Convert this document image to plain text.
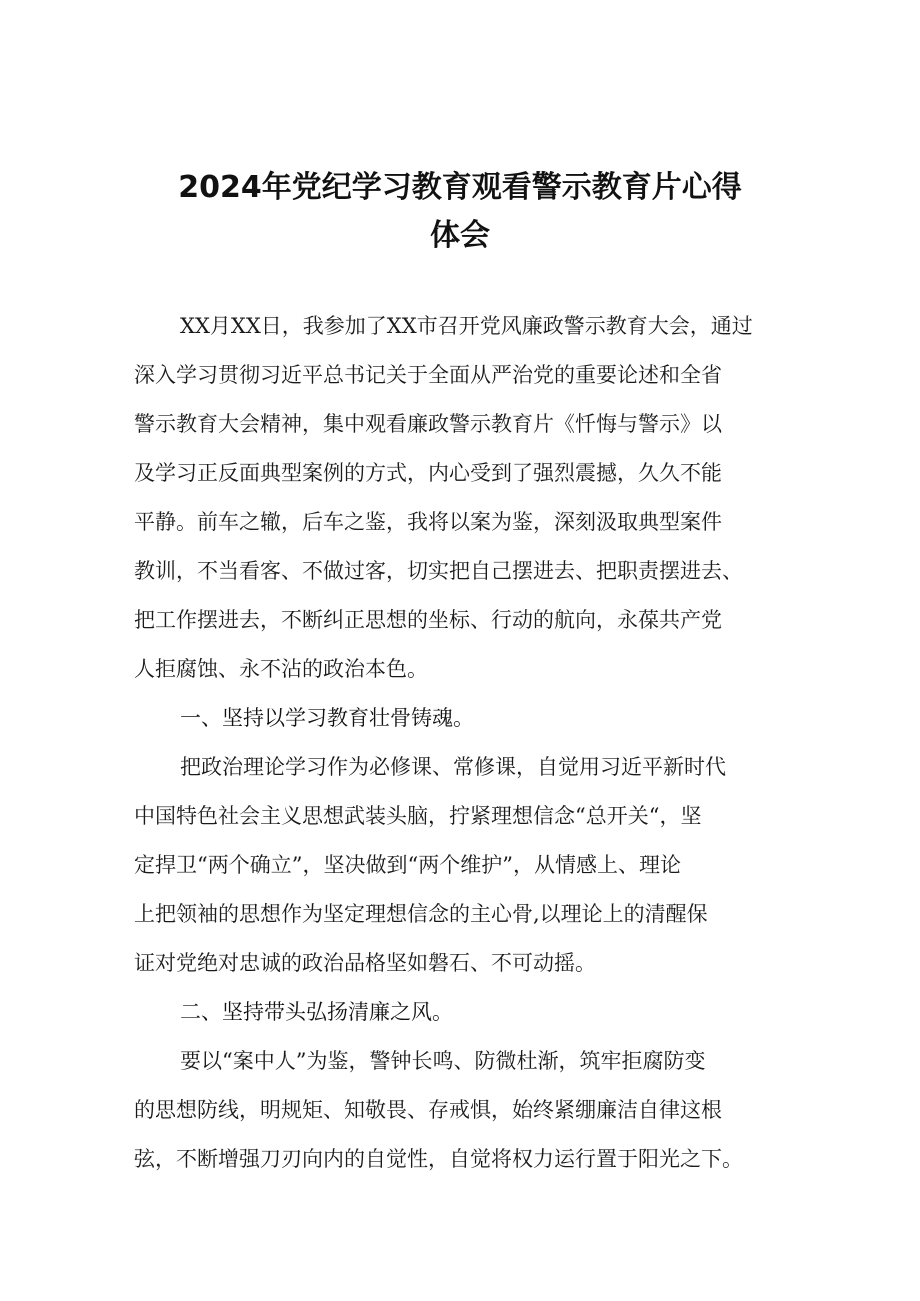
2024年党纪学习教育观看警示教育片心得
体会
XX月XX日，我参加了XX市召开党风廉政警示教育大会，通过
深入学习贯彻习近平总书记关于全面从严治党的重要论述和全省
警示教育大会精神，集中观看廉政警示教育片《忏悔与警示》以
及学习正反面典型案例的方式，内心受到了强烈震撼，久久不能
平静。前车之辙，后车之鉴，我将以案为鉴，深刻汲取典型案件
教训，不当看客、不做过客，切实把自己摆进去、把职责摆进去、
把工作摆进去，不断纠正思想的坐标、行动的航向，永葆共产党
人拒腐蚀、永不沾的政治本色。
一、坚持以学习教育壮骨铸魂。
把政治理论学习作为必修课、常修课，自觉用习近平新时代
中国特色社会主义思想武装头脑，拧紧理想信念“总开关“，坚
定捍卫“两个确立”，坚决做到“两个维护”，从情感上、理论
上把领袖的思想作为坚定理想信念的主心骨,以理论上的清醒保
证对党绝对忠诚的政治品格坚如磐石、不可动摇。
二、坚持带头弘扬清廉之风。
要以“案中人”为鉴，警钟长鸣、防微杜渐，筑牢拒腐防变
的思想防线，明规矩、知敬畏、存戒惧，始终紧绷廉洁自律这根
弦，不断增强刀刃向内的自觉性，自觉将权力运行置于阳光之下。
